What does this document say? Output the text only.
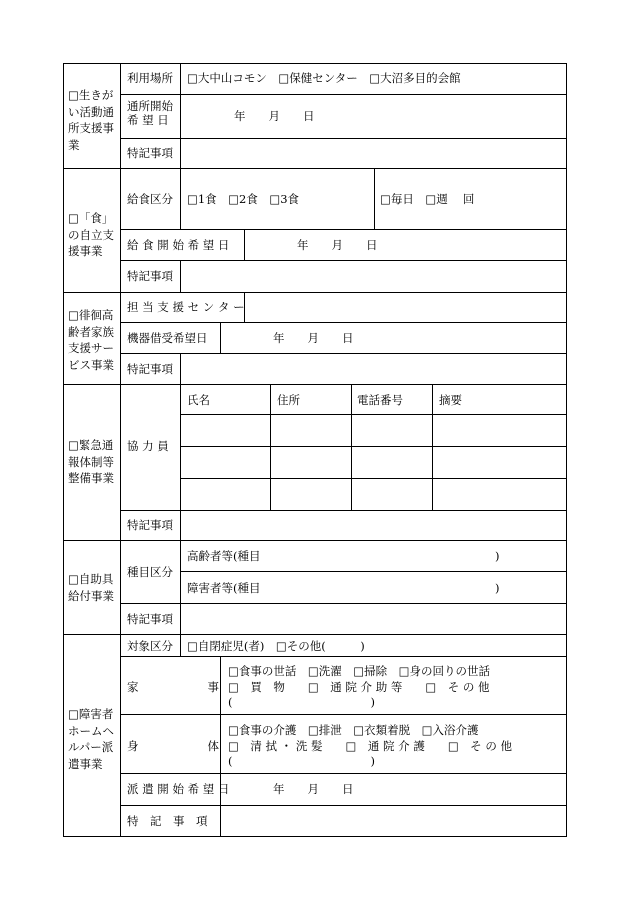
□生きが
い活動通
所支援事
業
利用場所 □大中山コモン　□保健センター　□大沼多目的会館
通所開始
希 望 日	年　　月　　日
特記事項
□「食」
の自立支
援事業
給食区分 □1食　□2食　□3食	□毎日　□週　 回
給 食 開 始 希 望 日	年　　月　　日
特記事項
□徘徊高
齢者家族
支援サー
ビス事業
担 当 支 援 セ ン タ ー
機器借受希望日	年　　月　　日
特記事項
□緊急通
報体制等
整備事業
協 力 員
氏名	住所	電話番号	摘要
特記事項
□自助具
給付事業
種目区分
高齢者等(種目	)
障害者等(種目	)
特記事項
□障害者
ホームヘ
ルパー派
遣事業
対象区分 □自閉症児(者)　□その他(　　　)
家　　　　　　事
□食事の世話　□洗濯　□掃除　□身の回りの世話
□　買　物　　□　通 院 介 助 等　　□　そ の 他
(　　　　　　　　　　　　)
身　　　　　　体
□食事の介護　□排泄　□衣類着脱　□入浴介護
□　清 拭 ・ 洗 髪　　□　通 院 介 護　　□　そ の 他
(　　　　　　　　　　　　)
派 遣 開 始 希 望 日	年　　月　　日
特　記　事　項
